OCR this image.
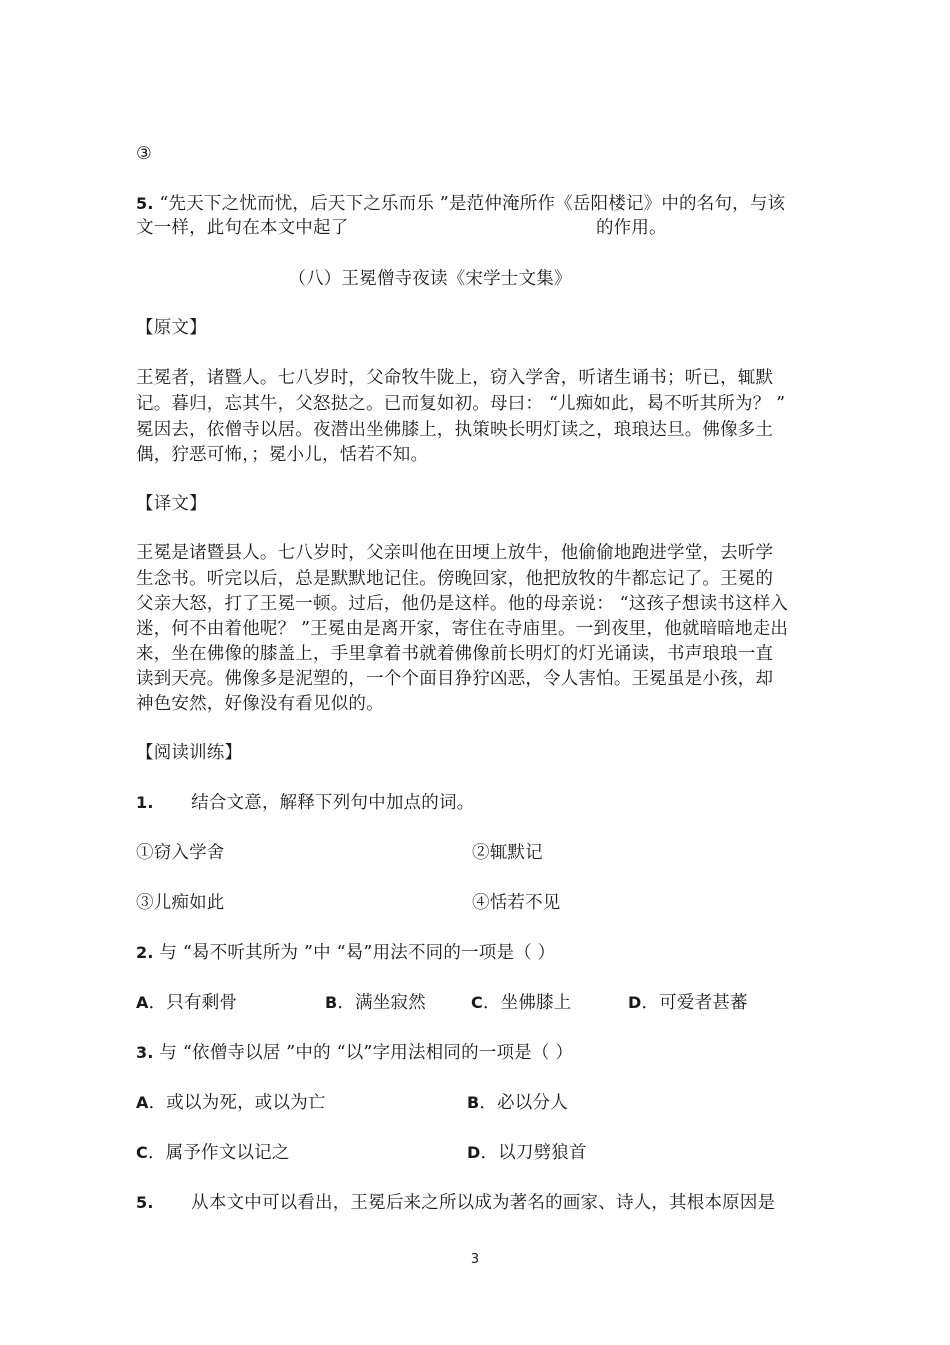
③
5. “先天下之忧而忧，后天下之乐而乐 ”是范仲淹所作《岳阳楼记》中的名句，与该
文一样，此句在本文中起了	的作用。
（八）王冕僧寺夜读《宋学士文集》
【原文】
王冕者，诸暨人。七八岁时，父命牧牛陇上，窃入学舍，听诸生诵书；听已，辄默
记。暮归，忘其牛，父怒挞之。已而复如初。母曰： “儿痴如此，曷不听其所为？ ”
冕因去，依僧寺以居。夜潜出坐佛膝上，执策映长明灯读之，琅琅达旦。佛像多土
偶，狞恶可怖，；冕小儿，恬若不知。
【译文】
王冕是诸暨县人。七八岁时，父亲叫他在田埂上放牛，他偷偷地跑进学堂，去听学
生念书。听完以后，总是默默地记住。傍晚回家，他把放牧的牛都忘记了。王冕的
父亲大怒，打了王冕一顿。过后，他仍是这样。他的母亲说： “这孩子想读书这样入
迷，何不由着他呢？ ”王冕由是离开家，寄住在寺庙里。一到夜里，他就暗暗地走出
来，坐在佛像的膝盖上，手里拿着书就着佛像前长明灯的灯光诵读，书声琅琅一直
读到天亮。佛像多是泥塑的，一个个面目狰狞凶恶，令人害怕。王冕虽是小孩，却
神色安然，好像没有看见似的。
【阅读训练】
1. 结合文意，解释下列句中加点的词。
①窃入学舍	②辄默记
③儿痴如此	④恬若不见
2. 与 “曷不听其所为 ”中 “曷”用法不同的一项是（ ）
A．只有剩骨	B．满坐寂然	C．坐佛膝上	D．可爱者甚蕃
3. 与 “依僧寺以居 ”中的 “以”字用法相同的一项是（ ）
A．或以为死，或以为亡	B．必以分人
C．属予作文以记之	D．以刀劈狼首
5. 从本文中可以看出，王冕后来之所以成为著名的画家、诗人，其根本原因是
3
